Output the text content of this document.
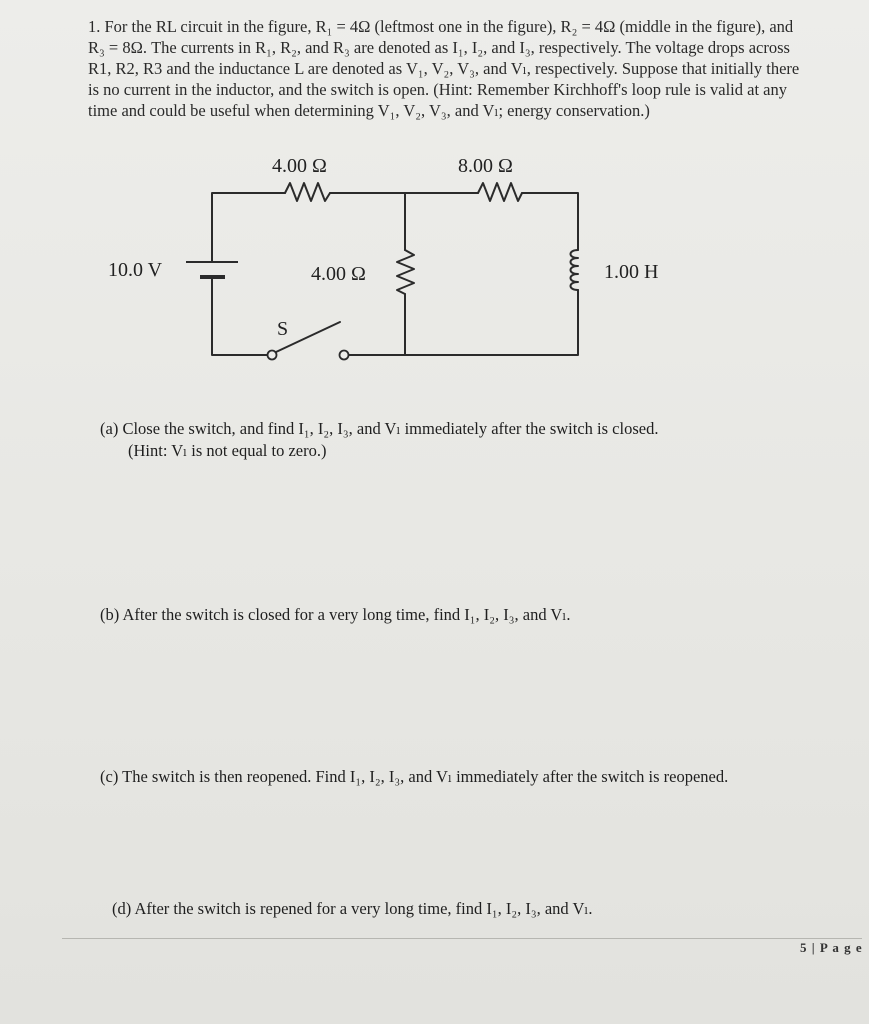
1. For the RL circuit in the figure, R₁ = 4Ω (leftmost one in the figure), R₂ = 4Ω (middle in the figure), and

R₃ = 8Ω. The currents in R₁, R₂, and R₃ are denoted as I₁, I₂, and I₃, respectively. The voltage drops across

R1, R2, R3 and the inductance L are denoted as V₁, V₂, V₃, and Vₗ, respectively. Suppose that initially there

is no current in the inductor, and the switch is open. (Hint: Remember Kirchhoff's loop rule is valid at any

time and could be useful when determining V₁, V₂, V₃, and Vₗ; energy conservation.)

4.00 Ω	8.00 Ω
4.00 Ω
10.0 V	1.00 H
S
(a) Close the switch, and find I₁, I₂, I₃, and Vₗ immediately after the switch is closed.
(Hint: Vₗ is not equal to zero.)
(b) After the switch is closed for a very long time, find I₁, I₂, I₃, and Vₗ.
(c) The switch is then reopened. Find I₁, I₂, I₃, and Vₗ immediately after the switch is reopened.
(d) After the switch is repened for a very long time, find I₁, I₂, I₃, and Vₗ.
5 | P a g e
